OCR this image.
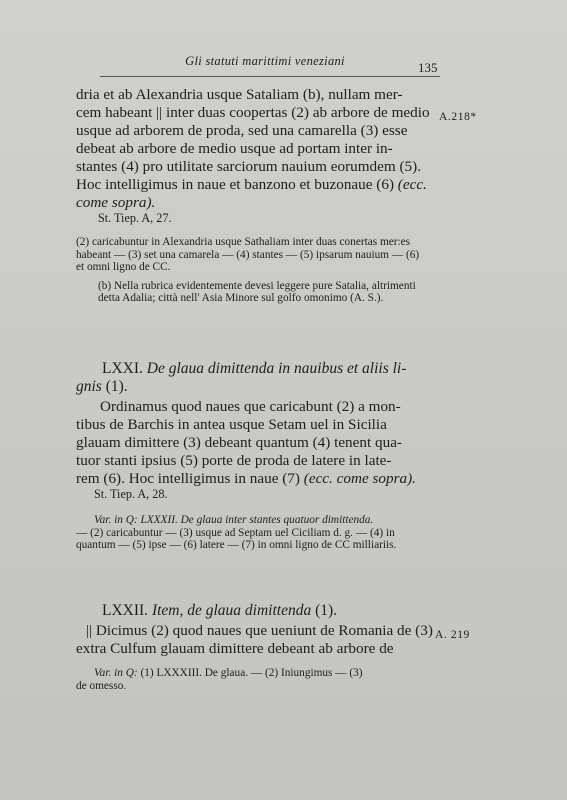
Gli statuti marittimi veneziani	135
dria et ab Alexandria usque Sataliam (b), nullam mer-
cem habeant || inter duas coopertas (2) ab arbore de medio
usque ad arborem de proda, sed una camarella (3) esse
debeat ab arbore de medio usque ad portam inter in-
stantes (4) pro utilitate sarciorum nauium eorumdem (5).
Hoc intelligimus in naue et banzono et buzonaue (6) (ecc.
come sopra).
A.218*
St. Tiep. A, 27.

(2) caricabuntur in Alexandria usque Sathaliam inter duas conertas mer:es habeant — (3) set una camarela — (4) stantes — (5) ipsarum nauium — (6) et omni ligno de CC.

(b) Nella rubrica evidentemente devesi leggere pure Satalia, altrimenti detta Adalia; città nell' Asia Minore sul golfo omonimo (A. S.).

LXXI. De glaua dimittenda in nauibus et aliis li-
gnis (1).
Ordinamus quod naues que caricabunt (2) a mon-
tibus de Barchis in antea usque Setam uel in Sicilia
glauam dimittere (3) debeant quantum (4) tenent qua-
tuor stanti ipsius (5) porte de proda de latere in late-
rem (6). Hoc intelligimus in naue (7) (ecc. come sopra).
St. Tiep. A, 28.

Var. in Q: LXXXII. De glaua inter stantes quatuor dimittenda.

— (2) caricabuntur — (3) usque ad Septam uel Ciciliam d. g. — (4) in quantum — (5) ipse — (6) latere — (7) in omni ligno de CC milliariis.

LXXII. Item, de glaua dimittenda (1).
|| Dicimus (2) quod naues que ueniunt de Romania de (3)
extra Culfum glauam dimittere debeant ab arbore de
A. 219

Var. in Q: (1) LXXXIII. De glaua. — (2) Iniungimus — (3)

de omesso.
